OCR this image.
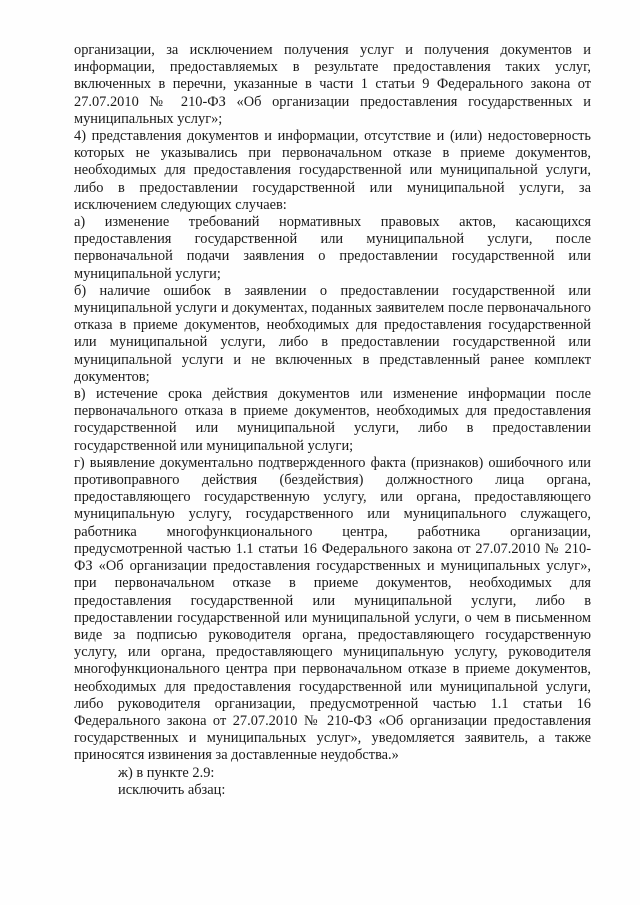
организации, за исключением получения услуг и получения документов и информации, предоставляемых в результате предоставления таких услуг, включенных в перечни, указанные в части 1 статьи 9 Федерального закона от 27.07.2010 № 210-ФЗ «Об организации предоставления государственных и муниципальных услуг»;

4) представления документов и информации, отсутствие и (или) недостоверность которых не указывались при первоначальном отказе в приеме документов, необходимых для предоставления государственной или муниципальной услуги, либо в предоставлении государственной или муниципальной услуги, за исключением следующих случаев:

а) изменение требований нормативных правовых актов, касающихся предоставления государственной или муниципальной услуги, после первоначальной подачи заявления о предоставлении государственной или муниципальной услуги;

б) наличие ошибок в заявлении о предоставлении государственной или муниципальной услуги и документах, поданных заявителем после первоначального отказа в приеме документов, необходимых для предоставления государственной или муниципальной услуги, либо в предоставлении государственной или муниципальной услуги и не включенных в представленный ранее комплект документов;

в) истечение срока действия документов или изменение информации после первоначального отказа в приеме документов, необходимых для предоставления государственной или муниципальной услуги, либо в предоставлении государственной или муниципальной услуги;

г) выявление документально подтвержденного факта (признаков) ошибочного или противоправного действия (бездействия) должностного лица органа, предоставляющего государственную услугу, или органа, предоставляющего муниципальную услугу, государственного или муниципального служащего, работника многофункционального центра, работника организации, предусмотренной частью 1.1 статьи 16 Федерального закона от 27.07.2010 № 210-ФЗ «Об организации предоставления государственных и муниципальных услуг», при первоначальном отказе в приеме документов, необходимых для предоставления государственной или муниципальной услуги, либо в предоставлении государственной или муниципальной услуги, о чем в письменном виде за подписью руководителя органа, предоставляющего государственную услугу, или органа, предоставляющего муниципальную услугу, руководителя многофункционального центра при первоначальном отказе в приеме документов, необходимых для предоставления государственной или муниципальной услуги, либо руководителя организации, предусмотренной частью 1.1 статьи 16 Федерального закона от 27.07.2010 № 210-ФЗ «Об организации предоставления государственных и муниципальных услуг», уведомляется заявитель, а также приносятся извинения за доставленные неудобства.»

ж) в пункте 2.9:

исключить абзац:
